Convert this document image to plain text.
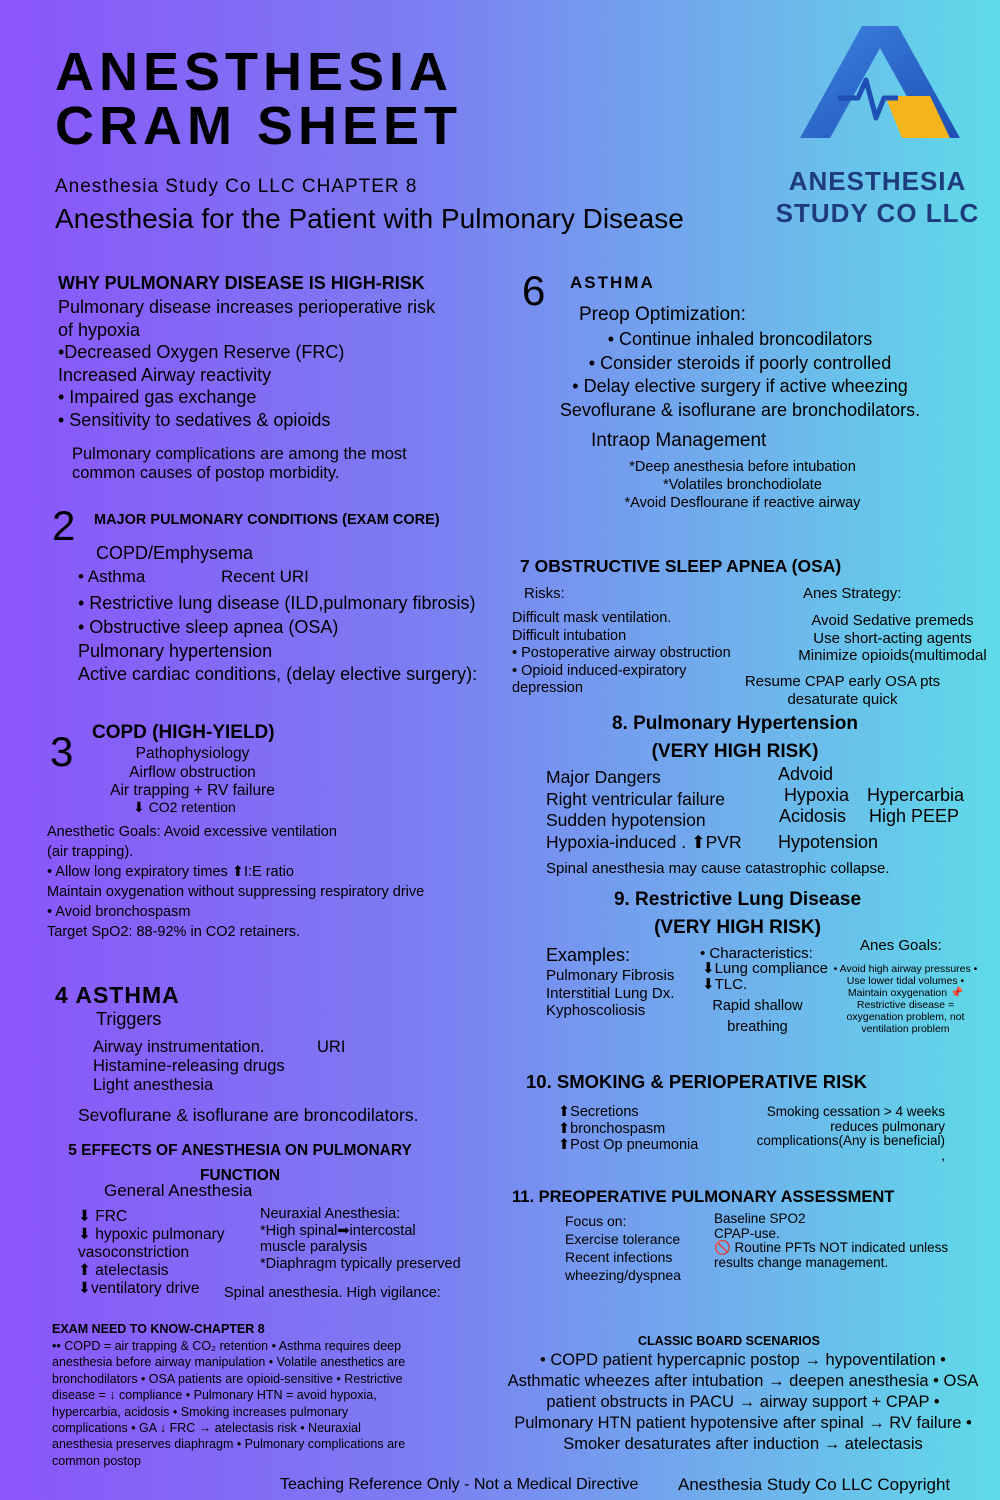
ANESTHESIA
CRAM SHEET
Anesthesia Study Co LLC CHAPTER 8
Anesthesia for the Patient with Pulmonary Disease
ANESTHESIA
STUDY CO LLC
WHY PULMONARY DISEASE IS HIGH-RISK
Pulmonary disease increases perioperative risk
of hypoxia
•Decreased Oxygen Reserve (FRC)
Increased Airway reactivity
• Impaired gas exchange
• Sensitivity to sedatives & opioids
Pulmonary complications are among the most
common causes of postop morbidity.
2 MAJOR PULMONARY CONDITIONS (EXAM CORE)
COPD/Emphysema
• Asthma	Recent URI
• Restrictive lung disease (ILD,pulmonary fibrosis)
• Obstructive sleep apnea (OSA)
Pulmonary hypertension
Active cardiac conditions, (delay elective surgery):
3 COPD (HIGH-YIELD)
Pathophysiology
Airflow obstruction
Air trapping + RV failure
⬇ CO2 retention
Anesthetic Goals: Avoid excessive ventilation
(air trapping).
• Allow long expiratory times ⬆I:E ratio
Maintain oxygenation without suppressing respiratory drive
• Avoid bronchospasm
Target SpO2: 88-92% in CO2 retainers.
4 ASTHMA
Triggers
Airway instrumentation.	URI
Histamine-releasing drugs
Light anesthesia
Sevoflurane & isoflurane are broncodilators.
5 EFFECTS OF ANESTHESIA ON PULMONARY
FUNCTION
General Anesthesia
⬇ FRC
⬇ hypoxic pulmonary
vasoconstriction
⬆ atelectasis
⬇ventilatory drive
Neuraxial Anesthesia:
*High spinal➡intercostal
muscle paralysis
*Diaphragm typically preserved
Spinal anesthesia. High vigilance:
EXAM NEED TO KNOW-CHAPTER 8
•• COPD = air trapping & CO₂ retention • Asthma requires deep anesthesia before airway manipulation • Volatile anesthetics are bronchodilators • OSA patients are opioid-sensitive • Restrictive disease = ↓ compliance • Pulmonary HTN = avoid hypoxia, hypercarbia, acidosis • Smoking increases pulmonary complications • GA ↓ FRC → atelectasis risk • Neuraxial anesthesia preserves diaphragm • Pulmonary complications are common postop
6 ASTHMA
Preop Optimization:
• Continue inhaled broncodilators
• Consider steroids if poorly controlled
• Delay elective surgery if active wheezing
Sevoflurane & isoflurane are bronchodilators.
Intraop Management
*Deep anesthesia before intubation
*Volatiles bronchodiolate
*Avoid Desflourane if reactive airway
7 OBSTRUCTIVE SLEEP APNEA (OSA)
Risks:
Difficult mask ventilation.
Difficult intubation
• Postoperative airway obstruction
• Opioid induced-expiratory
depression
Anes Strategy:
Avoid Sedative premeds
Use short-acting agents
Minimize opioids(multimodal
Resume CPAP early OSA pts
desaturate quick
8. Pulmonary Hypertension
(VERY HIGH RISK)
Major Dangers
Right ventricular failure
Sudden hypotension
Hypoxia-induced . ⬆PVR
Advoid
Hypoxia Hypercarbia
Acidosis High PEEP
Hypotension
Spinal anesthesia may cause catastrophic collapse.
9. Restrictive Lung Disease
(VERY HIGH RISK)
Examples:
Pulmonary Fibrosis
Interstitial Lung Dx.
Kyphoscoliosis
• Characteristics:
⬇Lung compliance
⬇TLC.
Rapid shallow
breathing
Anes Goals:
• Avoid high airway pressures • Use lower tidal volumes • Maintain oxygenation 📌 Restrictive disease = oxygenation problem, not ventilation problem
10. SMOKING & PERIOPERATIVE RISK
⬆Secretions
⬆bronchospasm
⬆Post Op pneumonia
Smoking cessation > 4 weeks
reduces pulmonary
complications(Any is beneficial)
,
11. PREOPERATIVE PULMONARY ASSESSMENT
Focus on:
Exercise tolerance
Recent infections
wheezing/dyspnea
Baseline SPO2
CPAP-use.
🚫 Routine PFTs NOT indicated unless
results change management.
CLASSIC BOARD SCENARIOS
• COPD patient hypercapnic postop → hypoventilation •
Asthmatic wheezes after intubation → deepen anesthesia • OSA
patient obstructs in PACU → airway support + CPAP •
Pulmonary HTN patient hypotensive after spinal → RV failure •
Smoker desaturates after induction → atelectasis
Teaching Reference Only - Not a Medical Directive Anesthesia Study Co LLC Copyright
